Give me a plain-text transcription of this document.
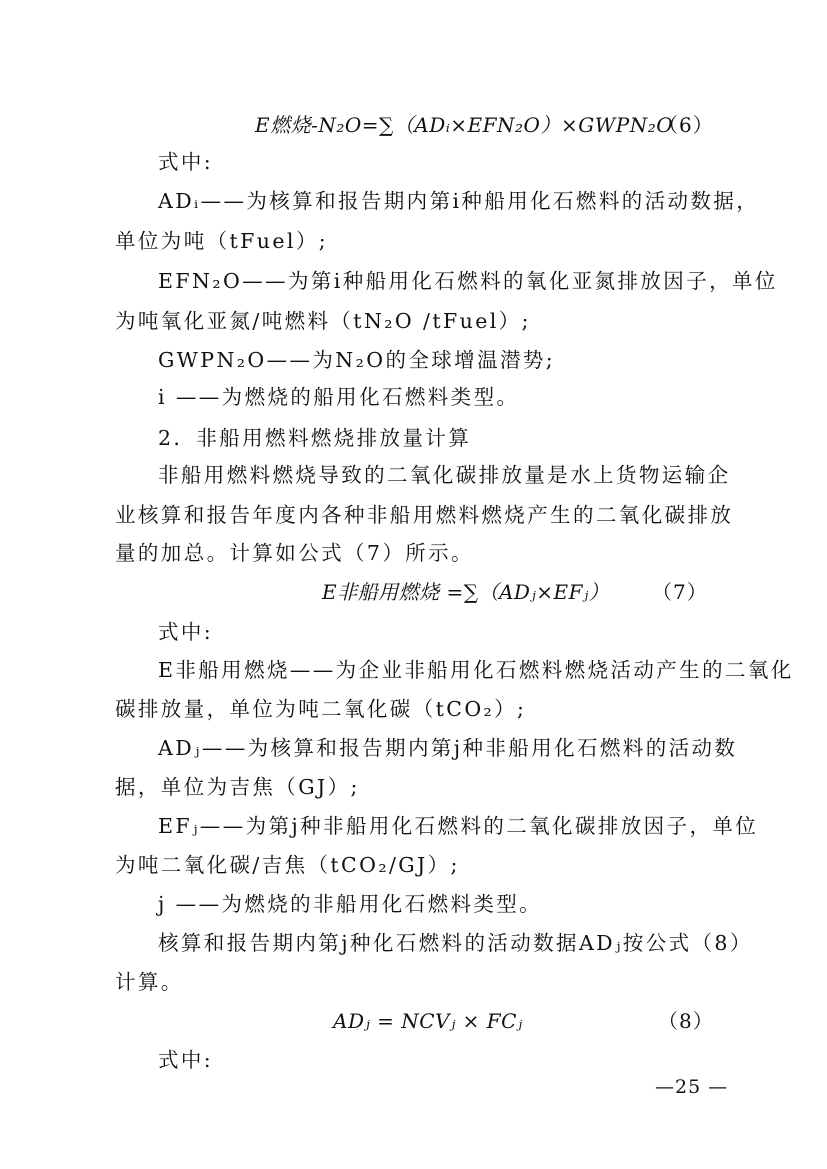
E燃烧-N₂O=∑（ADᵢ×EFN₂O）×GWPN₂O
（6）
式中:
ADᵢ——为核算和报告期内第i种船用化石燃料的活动数据，
单位为吨（tFuel）;
EFN₂O——为第i种船用化石燃料的氧化亚氮排放因子，单位
为吨氧化亚氮/吨燃料（tN₂O /tFuel）;
GWPN₂O——为N₂O的全球增温潜势;
i ——为燃烧的船用化石燃料类型。
2．非船用燃料燃烧排放量计算
非船用燃料燃烧导致的二氧化碳排放量是水上货物运输企
业核算和报告年度内各种非船用燃料燃烧产生的二氧化碳排放
量的加总。计算如公式（7）所示。
E非船用燃烧 =∑（ADⱼ×EFⱼ） （7）
式中:
E非船用燃烧——为企业非船用化石燃料燃烧活动产生的二氧化
碳排放量，单位为吨二氧化碳（tCO₂）;
ADⱼ——为核算和报告期内第j种非船用化石燃料的活动数
据，单位为吉焦（GJ）;
EFⱼ——为第j种非船用化石燃料的二氧化碳排放因子，单位
为吨二氧化碳/吉焦（tCO₂/GJ）;
j ——为燃烧的非船用化石燃料类型。
核算和报告期内第j种化石燃料的活动数据ADⱼ按公式（8）
计算。
ADⱼ = NCVⱼ × FCⱼ	（8）
式中:
—25 —
